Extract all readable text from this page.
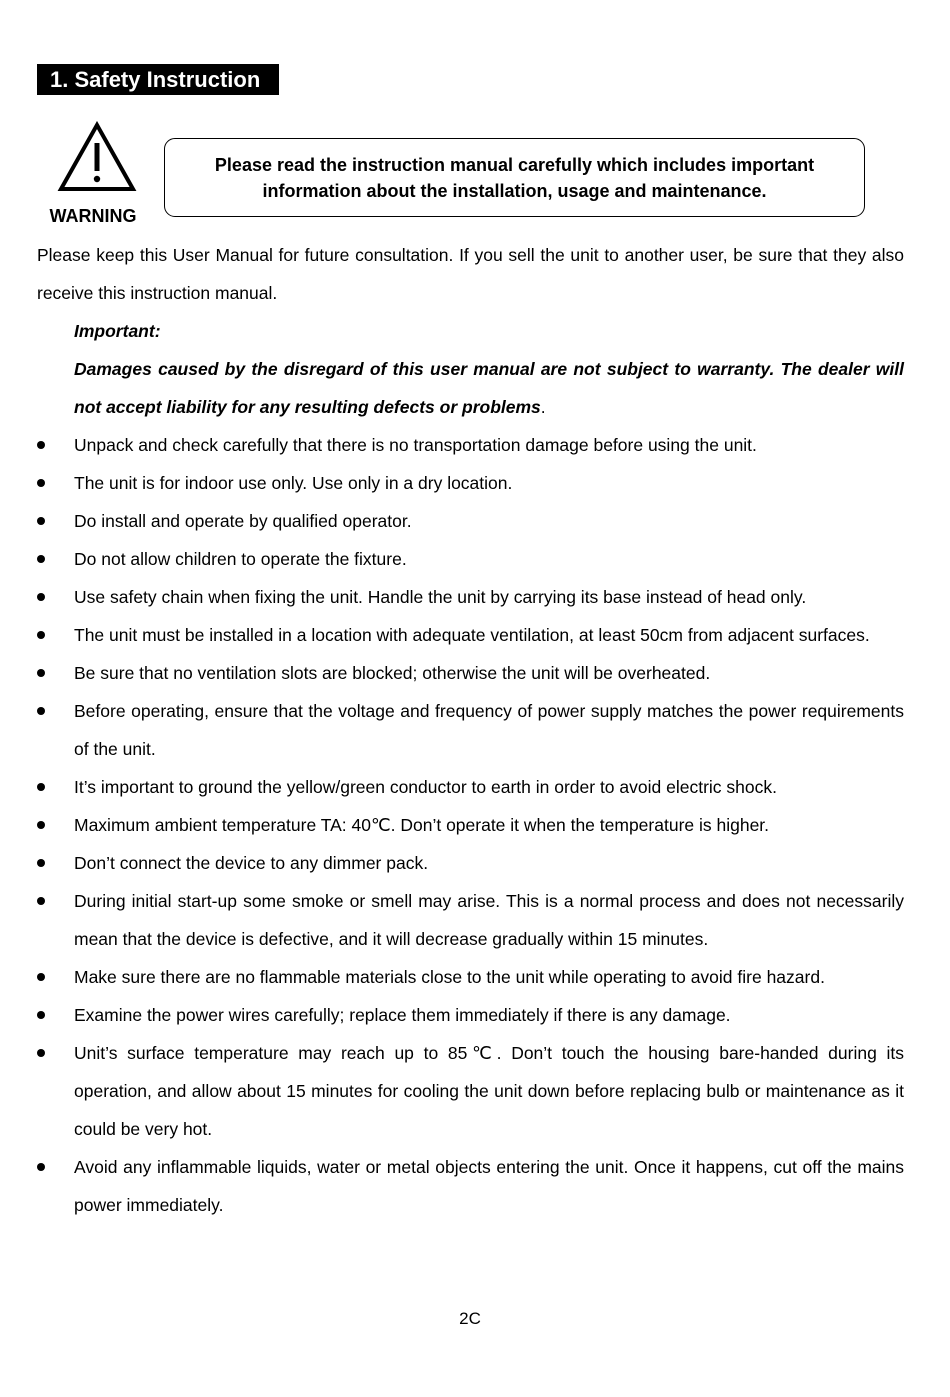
1. Safety Instruction
WARNING
Please read the instruction manual carefully which includes important information about the installation, usage and maintenance.
Please keep this User Manual for future consultation. If you sell the unit to another user, be sure that they also receive this instruction manual.
Important:
Damages caused by the disregard of this user manual are not subject to warranty. The dealer will not accept liability for any resulting defects or problems.
Unpack and check carefully that there is no transportation damage before using the unit.
The unit is for indoor use only. Use only in a dry location.
Do install and operate by qualified operator.
Do not allow children to operate the fixture.
Use safety chain when fixing the unit. Handle the unit by carrying its base instead of head only.
The unit must be installed in a location with adequate ventilation, at least 50cm from adjacent surfaces.
Be sure that no ventilation slots are blocked; otherwise the unit will be overheated.
Before operating, ensure that the voltage and frequency of power supply matches the power requirements of the unit.
It’s important to ground the yellow/green conductor to earth in order to avoid electric shock.
Maximum ambient temperature TA: 40℃. Don’t operate it when the temperature is higher.
Don’t connect the device to any dimmer pack.
During initial start-up some smoke or smell may arise. This is a normal process and does not necessarily mean that the device is defective, and it will decrease gradually within 15 minutes.
Make sure there are no flammable materials close to the unit while operating to avoid fire hazard.
Examine the power wires carefully; replace them immediately if there is any damage.
Unit’s surface temperature may reach up to 85℃. Don’t touch the housing bare-handed during its operation, and allow about 15 minutes for cooling the unit down before replacing bulb or maintenance as it could be very hot.
Avoid any inflammable liquids, water or metal objects entering the unit. Once it happens, cut off the mains power immediately.
2C
